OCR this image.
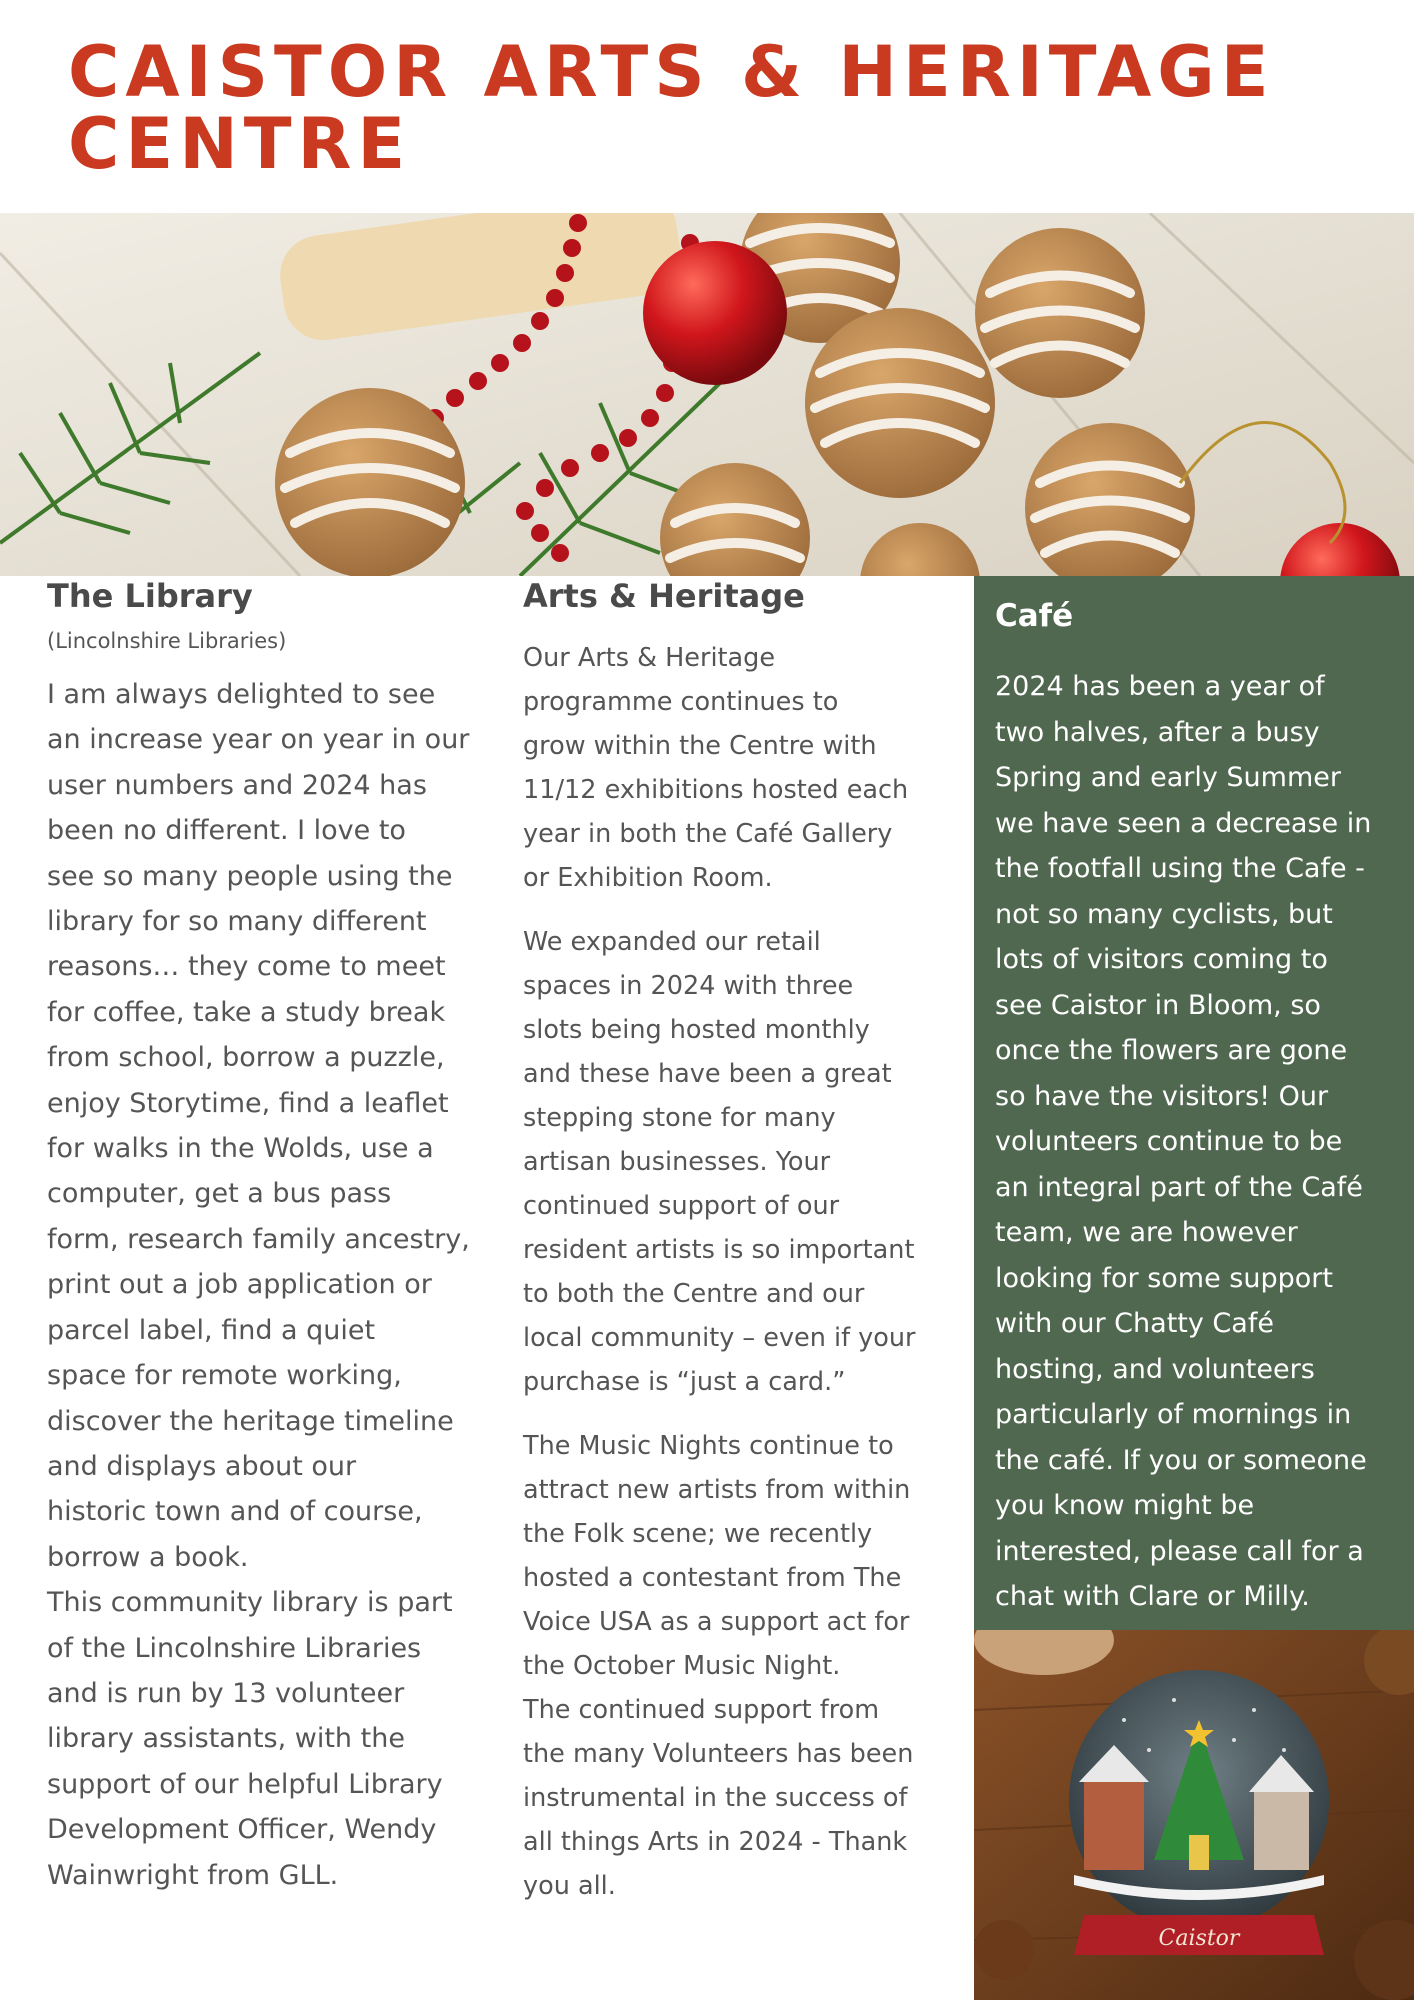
CAISTOR ARTS & HERITAGE
CENTRE
The Library
(Lincolnshire Libraries)
I am always delighted to see
an increase year on year in our
user numbers and 2024 has
been no different. I love to
see so many people using the
library for so many different
reasons… they come to meet
for coffee, take a study break
from school, borrow a puzzle,
enjoy Storytime, find a leaflet
for walks in the Wolds, use a
computer, get a bus pass
form, research family ancestry,
print out a job application or
parcel label, find a quiet
space for remote working,
discover the heritage timeline
and displays about our
historic town and of course,
borrow a book.
This community library is part
of the Lincolnshire Libraries
and is run by 13 volunteer
library assistants, with the
support of our helpful Library
Development Officer, Wendy
Wainwright from GLL.
Arts & Heritage

Our Arts & Heritage
programme continues to
grow within the Centre with
11/12 exhibitions hosted each
year in both the Café Gallery
or Exhibition Room.

We expanded our retail
spaces in 2024 with three
slots being hosted monthly
and these have been a great
stepping stone for many
artisan businesses. Your
continued support of our
resident artists is so important
to both the Centre and our
local community – even if your
purchase is “just a card.”

The Music Nights continue to
attract new artists from within
the Folk scene; we recently
hosted a contestant from The
Voice USA as a support act for
the October Music Night.
The continued support from
the many Volunteers has been
instrumental in the success of
all things Arts in 2024 - Thank
you all.

Café
2024 has been a year of
two halves, after a busy
Spring and early Summer
we have seen a decrease in
the footfall using the Cafe -
not so many cyclists, but
lots of visitors coming to
see Caistor in Bloom, so
once the flowers are gone
so have the visitors! Our
volunteers continue to be
an integral part of the Café
team, we are however
looking for some support
with our Chatty Café
hosting, and volunteers
particularly of mornings in
the café. If you or someone
you know might be
interested, please call for a
chat with Clare or Milly.
Caistor
